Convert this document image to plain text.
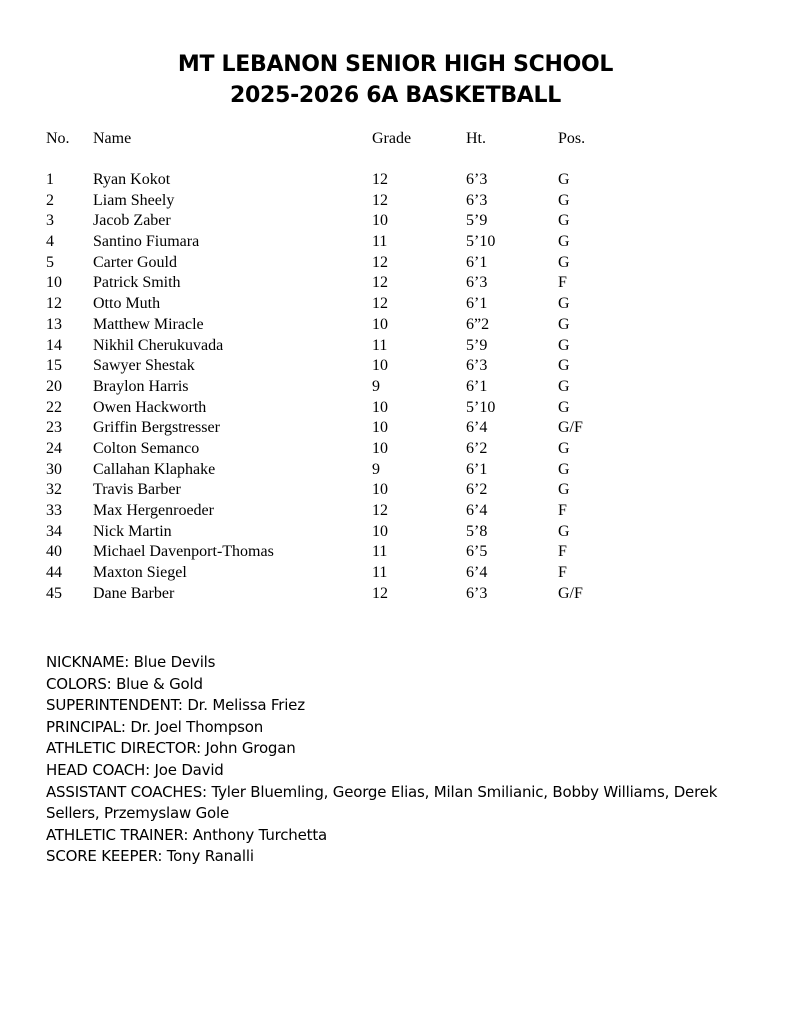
MT LEBANON SENIOR HIGH SCHOOL
2025-2026 6A BASKETBALL
No. Name	Grade	Ht.	Pos.
1 Ryan Kokot	12	6’3	G
2 Liam Sheely	12	6’3	G
3 Jacob Zaber	10	5’9	G
4 Santino Fiumara	11	5’10	G
5 Carter Gould	12	6’1	G
10 Patrick Smith	12	6’3	F
12 Otto Muth	12	6’1	G
13 Matthew Miracle	10	6”2	G
14 Nikhil Cherukuvada	11	5’9	G
15 Sawyer Shestak	10	6’3	G
20 Braylon Harris	9	6’1	G
22 Owen Hackworth	10	5’10	G
23 Griffin Bergstresser	10	6’4	G/F
24 Colton Semanco	10	6’2	G
30 Callahan Klaphake	9	6’1	G
32 Travis Barber	10	6’2	G
33 Max Hergenroeder	12	6’4	F
34 Nick Martin	10	5’8	G
40 Michael Davenport-Thomas	11	6’5	F
44 Maxton Siegel	11	6’4	F
45 Dane Barber	12	6’3	G/F
NICKNAME: Blue Devils
COLORS: Blue & Gold
SUPERINTENDENT: Dr. Melissa Friez
PRINCIPAL: Dr. Joel Thompson
ATHLETIC DIRECTOR: John Grogan
HEAD COACH: Joe David
ASSISTANT COACHES: Tyler Bluemling, George Elias, Milan Smilianic, Bobby Williams, Derek Sellers, Przemyslaw Gole
ATHLETIC TRAINER: Anthony Turchetta
SCORE KEEPER: Tony Ranalli
